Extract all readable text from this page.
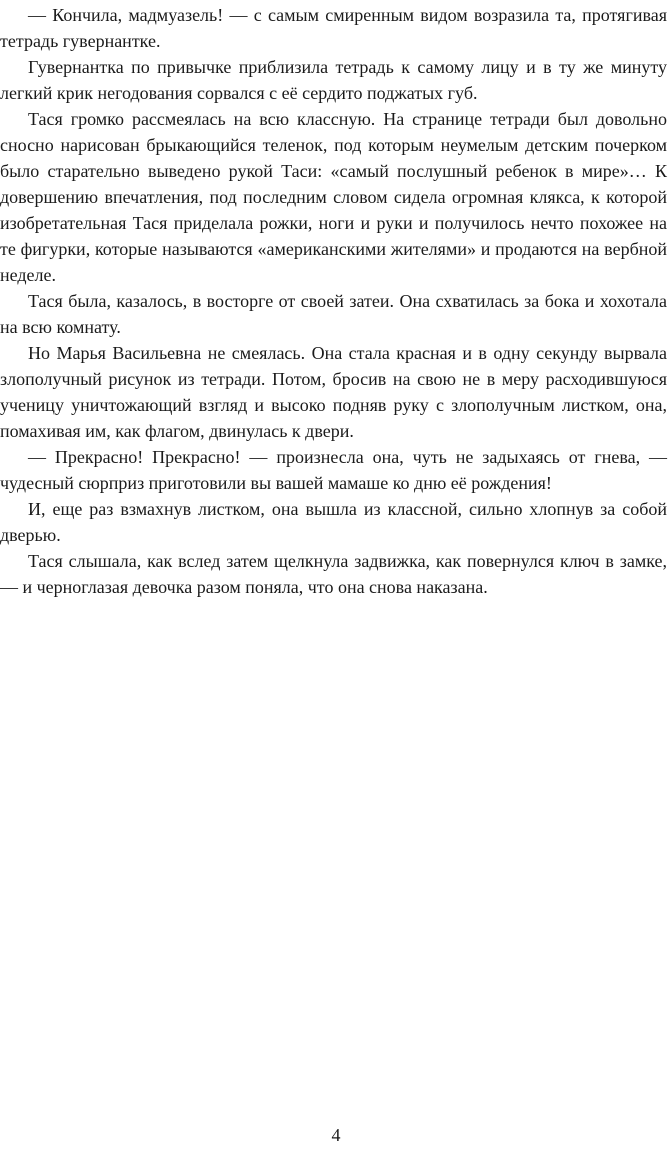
— Кончила, мадмуазель! — с самым смиренным видом возразила та, протягивая тетрадь гувернантке.

Гувернантка по привычке приблизила тетрадь к самому лицу и в ту же минуту легкий крик негодования сорвался с её сердито поджатых губ.

Тася громко рассмеялась на всю классную. На странице тетради был довольно сносно нарисован брыкающийся теленок, под которым неумелым детским почерком было старательно выведено рукой Таси: «самый послушный ребенок в мире»… К довершению впечатления, под последним словом сидела огромная клякса, к которой изобретательная Тася приделала рожки, ноги и руки и получилось нечто похожее на те фигурки, которые называются «американскими жителями» и продаются на вербной неделе.

Тася была, казалось, в восторге от своей затеи. Она схватилась за бока и хохотала на всю комнату.

Но Марья Васильевна не смеялась. Она стала красная и в одну секунду вырвала злополучный рисунок из тетради. Потом, бросив на свою не в меру расходившуюся ученицу уничтожающий взгляд и высоко подняв руку с злополучным листком, она, помахивая им, как флагом, двинулась к двери.

— Прекрасно! Прекрасно! — произнесла она, чуть не задыхаясь от гнева, — чудесный сюрприз приготовили вы вашей мамаше ко дню её рождения!

И, еще раз взмахнув листком, она вышла из классной, сильно хлопнув за собой дверью.

Тася слышала, как вслед затем щелкнула задвижка, как повернулся ключ в замке, — и черноглазая девочка разом поняла, что она снова наказана.

4
